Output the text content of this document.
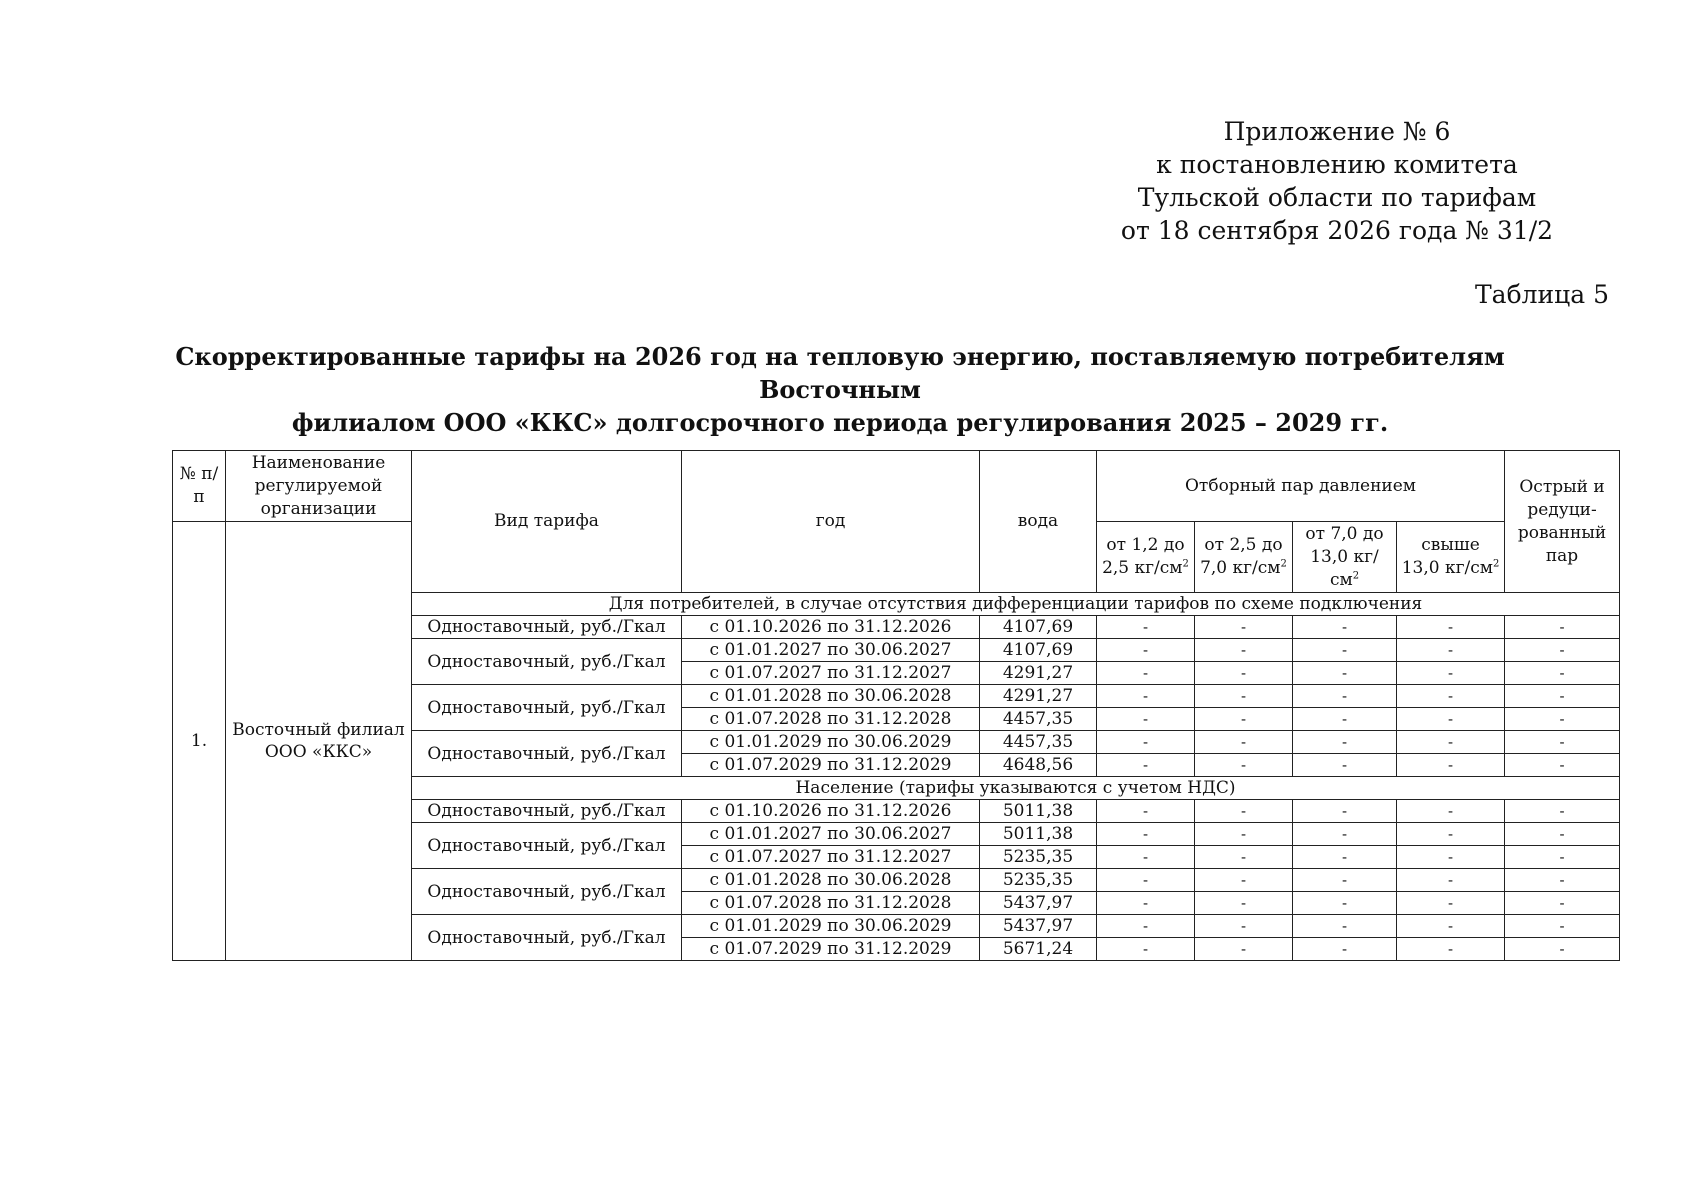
Приложение № 6
к постановлению комитета
Тульской области по тарифам
от 18 сентября 2026 года № 31/2
Таблица 5
Скорректированные тарифы на 2026 год на тепловую энергию, поставляемую потребителям Восточным
филиалом ООО «ККС» долгосрочного периода регулирования 2025 – 2029 гг.
№ п/п	Наименование регулируемой организации	Вид тарифа	год	вода	Отборный пар давлением				Острый и редуци-рованный пар
1.	Восточный филиал ООО «ККС»				от 1,2 до 2,5 $кг/см^2$	от 2,5 до 7,0 $кг/см^2$	от 7,0 до 13,0 $кг/см^2$	свыше 13,0 $кг/см^2$
		Для потребителей, в случае отсутствия дифференциации тарифов по схеме подключения							
		Одноставочный, руб./Гкал	с 01.10.2026 по 31.12.2026	4107,69	-	-	-	-	-
		Одноставочный, руб./Гкал	с 01.01.2027 по 30.06.2027	4107,69	-	-	-	-	-
			с 01.07.2027 по 31.12.2027	4291,27	-	-	-	-	-
		Одноставочный, руб./Гкал	с 01.01.2028 по 30.06.2028	4291,27	-	-	-	-	-
			с 01.07.2028 по 31.12.2028	4457,35	-	-	-	-	-
		Одноставочный, руб./Гкал	с 01.01.2029 по 30.06.2029	4457,35	-	-	-	-	-
			с 01.07.2029 по 31.12.2029	4648,56	-	-	-	-	-
		Население (тарифы указываются с учетом НДС)							
		Одноставочный, руб./Гкал	с 01.10.2026 по 31.12.2026	5011,38	-	-	-	-	-
		Одноставочный, руб./Гкал	с 01.01.2027 по 30.06.2027	5011,38	-	-	-	-	-
			с 01.07.2027 по 31.12.2027	5235,35	-	-	-	-	-
		Одноставочный, руб./Гкал	с 01.01.2028 по 30.06.2028	5235,35	-	-	-	-	-
			с 01.07.2028 по 31.12.2028	5437,97	-	-	-	-	-
		Одноставочный, руб./Гкал	с 01.01.2029 по 30.06.2029	5437,97	-	-	-	-	-
			с 01.07.2029 по 31.12.2029	5671,24	-	-	-	-	-
